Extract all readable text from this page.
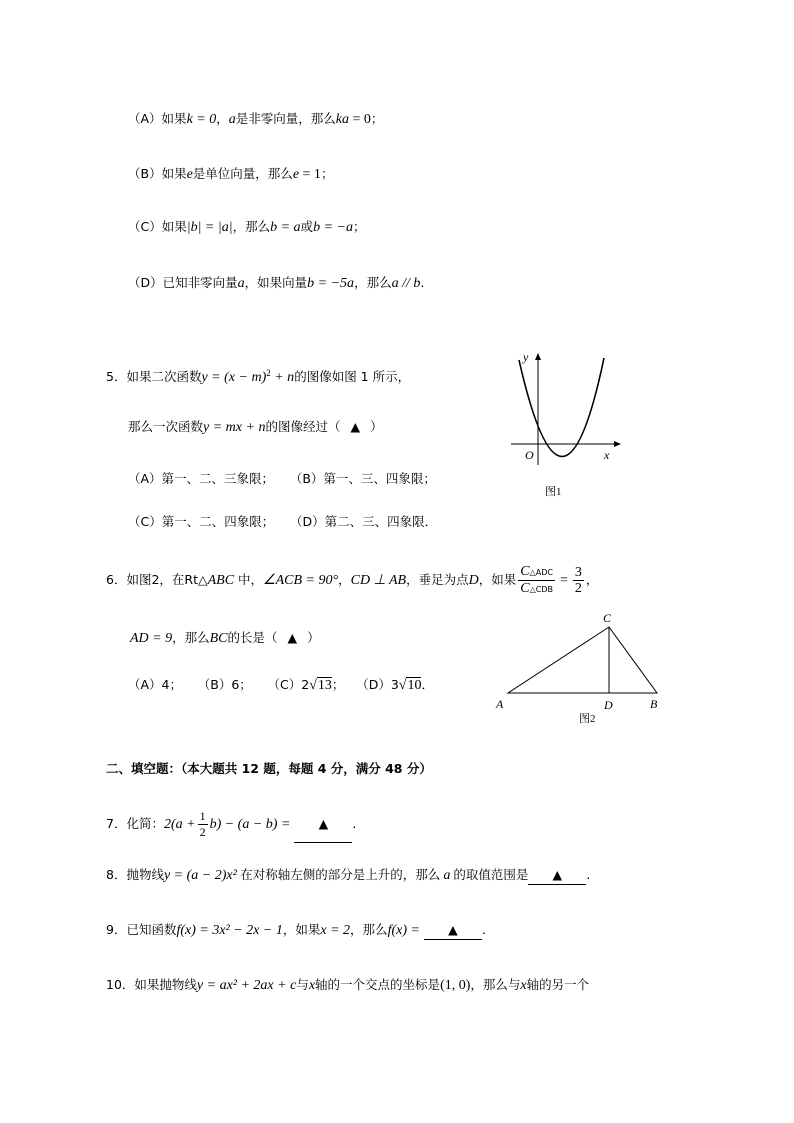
（A）如果k = 0，a是非零向量，那么ka = 0；
（B）如果e是单位向量，那么e = 1；
（C）如果|b| = |a|，那么b = a或b = −a；
（D）已知非零向量a，如果向量b = −5a，那么a // b.
5．如果二次函数$y = (x - m)^2 + n$的图像如图 1 所示，
那么一次函数y = mx + n的图像经过（ ▲ ）
（A）第一、二、三象限； （B）第一、三、四象限；
（C）第一、二、四象限； （D）第二、三、四象限．
y
x
O
图1
6．如图2，在Rt△ABC 中，∠ACB = 90°，CD ⊥ AB，垂足为点D，如果 $\frac{\text{C△ADC}}{\text{C△CDB}} = \frac{3}{2}$ ，
AD = 9，那么BC的长是（ ▲ ）
（A）4； （B）6； （C）2√13； （D）3√10．
A	B
C
D
图2
二、填空题：（本大题共 12 题，每题 4 分，满分 48 分）
7．化简：$2(a + \frac{1}{2} b) - (a - b)$ = ▲ .
8．抛物线y = (a − 2)x² 在对称轴左侧的部分是上升的，那么 a 的取值范围是 ▲ .
9．已知函数f(x) = 3x² − 2x − 1，如果x = 2，那么f(x) = ▲ .
10．如果抛物线y = ax² + 2ax + c与x轴的一个交点的坐标是(1, 0)，那么与x轴的另一个
